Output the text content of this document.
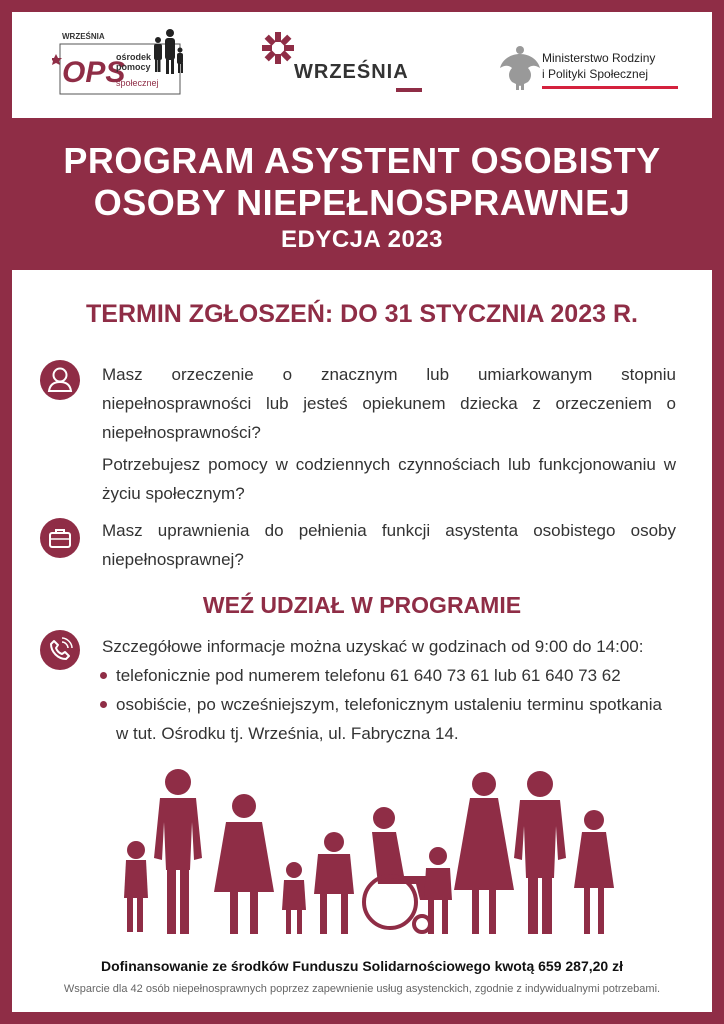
WRZEŚNIA
OPS
ośrodek
pomocy
społecznej	WRZEŚNIA
Ministerstwo Rodziny
i Polityki Społecznej
PROGRAM ASYSTENT OSOBISTY
OSOBY NIEPEŁNOSPRAWNEJ
EDYCJA 2023
TERMIN ZGŁOSZEŃ: DO 31 STYCZNIA 2023 R.
Masz orzeczenie o znacznym lub umiarkowanym stopniu niepełnosprawności lub jesteś opiekunem dziecka z orzeczeniem o niepełnosprawności?
Potrzebujesz pomocy w codziennych czynnościach lub funkcjonowaniu w życiu społecznym?
Masz uprawnienia do pełnienia funkcji asystenta osobistego osoby niepełnosprawnej?
WEŹ UDZIAŁ W PROGRAMIE
Szczegółowe informacje można uzyskać w godzinach od 9:00 do 14:00:
telefonicznie pod numerem telefonu 61 640 73 61 lub 61 640 73 62
osobiście, po wcześniejszym, telefonicznym ustaleniu terminu spotkania w tut. Ośrodku tj. Września, ul. Fabryczna 14.
Dofinansowanie ze środków Funduszu Solidarnościowego kwotą 659 287,20 zł
Wsparcie dla 42 osób niepełnosprawnych poprzez zapewnienie usług asystenckich, zgodnie z indywidualnymi potrzebami.
